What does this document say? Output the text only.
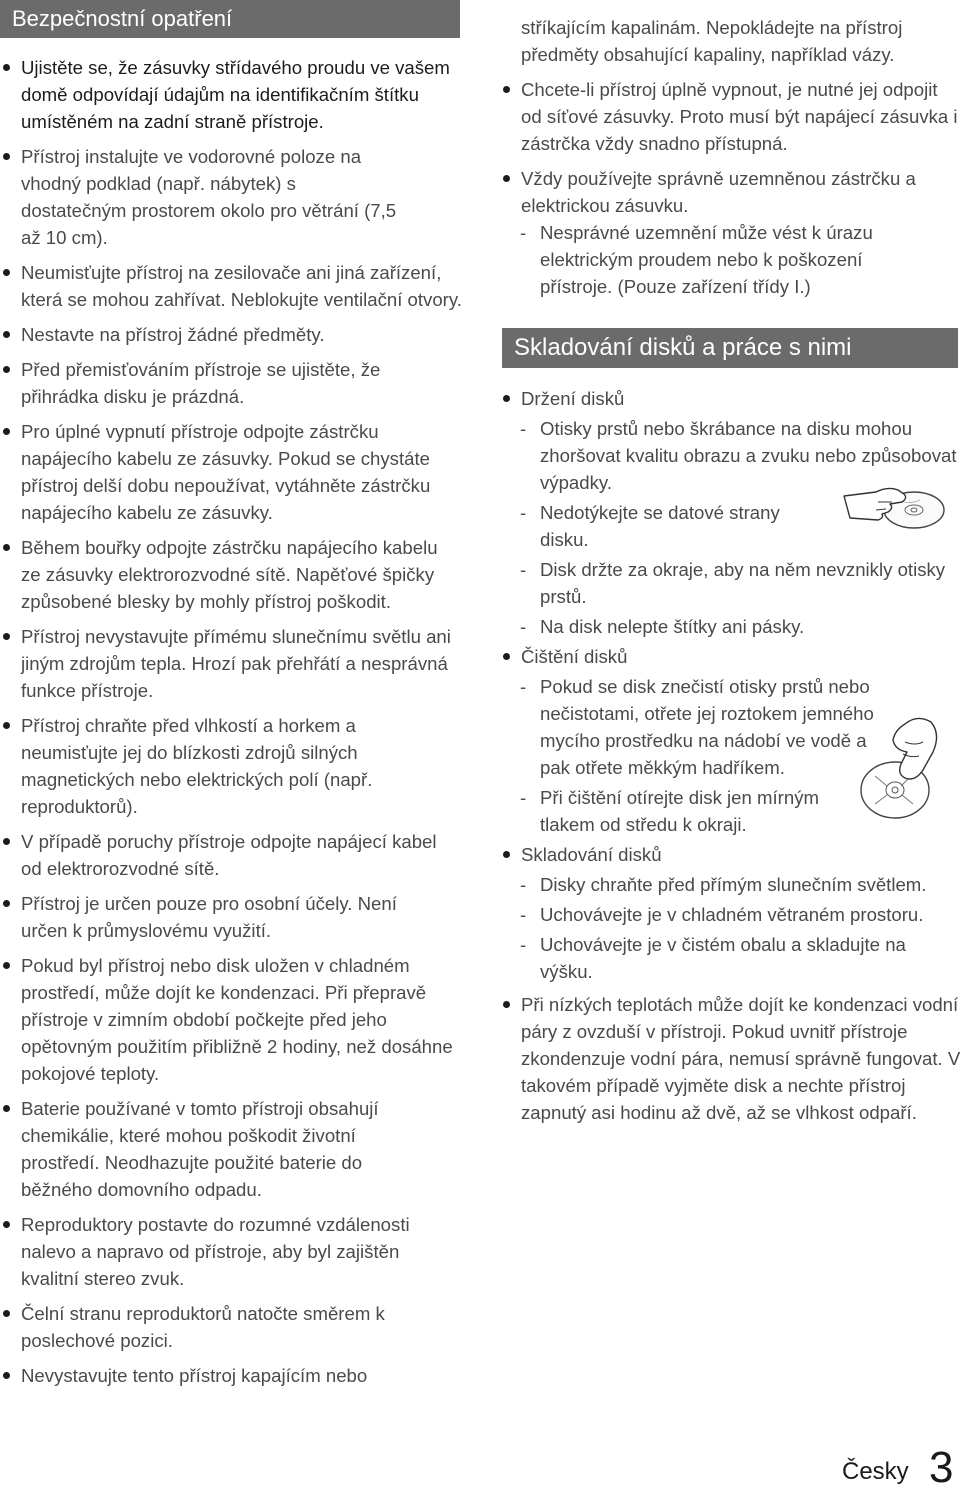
Bezpečnostní opatření
Ujistěte se, že zásuvky střídavého proudu ve vašem domě odpovídají údajům na identifikačním štítku umístěném na zadní straně přístroje.
Přístroj instalujte ve vodorovné poloze na vhodný podklad (např. nábytek) s dostatečným prostorem okolo pro větrání (7,5 až 10 cm).
Neumisťujte přístroj na zesilovače ani jiná zařízení, která se mohou zahřívat. Neblokujte ventilační otvory.
Nestavte na přístroj žádné předměty.
Před přemisťováním přístroje se ujistěte, že přihrádka disku je prázdná.
Pro úplné vypnutí přístroje odpojte zástrčku napájecího kabelu ze zásuvky. Pokud se chystáte přístroj delší dobu nepoužívat, vytáhněte zástrčku napájecího kabelu ze zásuvky.
Během bouřky odpojte zástrčku napájecího kabelu ze zásuvky elektrorozvodné sítě. Napěťové špičky způsobené blesky by mohly přístroj poškodit.
Přístroj nevystavujte přímému slunečnímu světlu ani jiným zdrojům tepla. Hrozí pak přehřátí a nesprávná funkce přístroje.
Přístroj chraňte před vlhkostí a horkem a neumisťujte jej do blízkosti zdrojů silných magnetických nebo elektrických polí (např. reproduktorů).
V případě poruchy přístroje odpojte napájecí kabel od elektrorozvodné sítě.
Přístroj je určen pouze pro osobní účely. Není určen k průmyslovému využití.
Pokud byl přístroj nebo disk uložen v chladném prostředí, může dojít ke kondenzaci. Při přepravě přístroje v zimním období počkejte před jeho opětovným použitím přibližně 2 hodiny, než dosáhne pokojové teploty.
Baterie používané v tomto přístroji obsahují chemikálie, které mohou poškodit životní prostředí. Neodhazujte použité baterie do běžného domovního odpadu.
Reproduktory postavte do rozumné vzdálenosti nalevo a napravo od přístroje, aby byl zajištěn kvalitní stereo zvuk.
Čelní stranu reproduktorů natočte směrem k poslechové pozici.
Nevystavujte tento přístroj kapajícím nebo
stříkajícím kapalinám. Nepokládejte na přístroj předměty obsahující kapaliny, například vázy.
Chcete-li přístroj úplně vypnout, je nutné jej odpojit od síťové zásuvky. Proto musí být napájecí zásuvka i zástrčka vždy snadno přístupná.
Vždy používejte správně uzemněnou zástrčku a elektrickou zásuvku.
- Nesprávné uzemnění může vést k úrazu elektrickým proudem nebo k poškození přístroje. (Pouze zařízení třídy I.)
Skladování disků a práce s nimi
Držení disků
- Otisky prstů nebo škrábance na disku mohou zhoršovat kvalitu obrazu a zvuku nebo způsobovat výpadky.
- Nedotýkejte se datové strany disku.
- Disk držte za okraje, aby na něm nevznikly otisky prstů.
- Na disk nelepte štítky ani pásky.
Čištění disků
- Pokud se disk znečistí otisky prstů nebo nečistotami, otřete jej roztokem jemného mycího prostředku na nádobí ve vodě a pak otřete měkkým hadříkem.
- Při čištění otírejte disk jen mírným tlakem od středu k okraji.
Skladování disků
- Disky chraňte před přímým slunečním světlem.
- Uchovávejte je v chladném větraném prostoru.
- Uchovávejte je v čistém obalu a skladujte na výšku.
Při nízkých teplotách může dojít ke kondenzaci vodní páry z ovzduší v přístroji. Pokud uvnitř přístroje zkondenzuje vodní pára, nemusí správně fungovat. V takovém případě vyjměte disk a nechte přístroj zapnutý asi hodinu až dvě, až se vlhkost odpaří.
Česky 3
